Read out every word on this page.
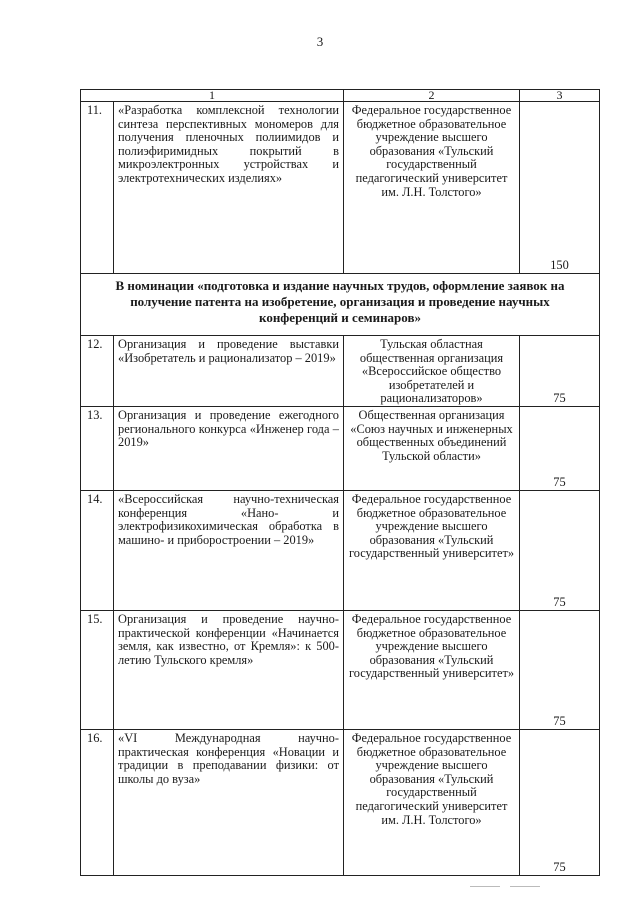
3
1		2	3
11.	«Разработка комплексной технологии синтеза перспективных мономеров для получения пленочных полиимидов и полиэфиримидных покрытий в микроэлектронных устройствах и электротехнических изделиях»	Федеральное государственное бюджетное образовательное учреждение высшего образования «Тульский государственный педагогический университет им. Л.Н. Толстого»	150
В номинации «подготовка и издание научных трудов, оформление заявок на получение патента на изобретение, организация и проведение научных конференций и семинаров»			
12.	Организация и проведение выставки «Изобретатель и рационализатор – 2019»	Тульская областная общественная организация «Всероссийское общество изобретателей и рационализаторов»	75
13.	Организация и проведение ежегодного регионального конкурса «Инженер года – 2019»	Общественная организация «Союз научных и инженерных общественных объединений Тульской области»	75
14.	«Всероссийская научно-техническая конференция «Нано- и электрофизикохимическая обработка в машино- и приборостроении – 2019»	Федеральное государственное бюджетное образовательное учреждение высшего образования «Тульский государственный университет»	75
15.	Организация и проведение научно-практической конференции «Начинается земля, как известно, от Кремля»: к 500-летию Тульского кремля»	Федеральное государственное бюджетное образовательное учреждение высшего образования «Тульский государственный университет»	75
16.	«VI Международная научно-практическая конференция «Новации и традиции в преподавании физики: от школы до вуза»	Федеральное государственное бюджетное образовательное учреждение высшего образования «Тульский государственный педагогический университет им. Л.Н. Толстого»	75
